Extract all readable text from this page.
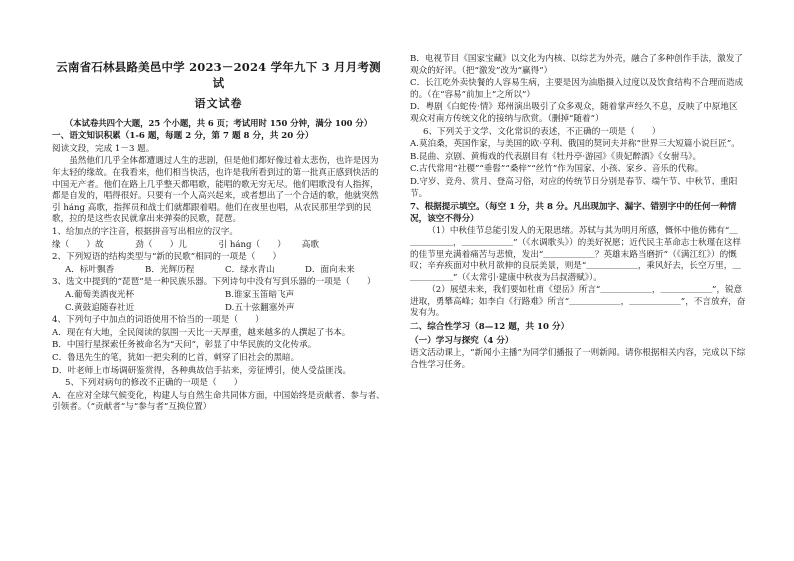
云南省石林县路美邑中学 2023－2024 学年九下 3 月月考测试
语文试卷
（本试卷共四个大题，25 个小题，共 6 页；考试用时 150 分钟，满分 100 分）
一、语文知识积累（1-6 题，每题 2 分，第 7 题 8 分，共 20 分）
阅读文段，完成 1－3 题。
虽然他们几乎全体都遭遇过人生的悲剧，但是他们都好像过着太悲伤，也许是因为年太轻的缘故。在我看来，他们相当快活，也许是我所看到过的第一批真正感到快活的中国无产者。他们在路上几乎整天都唱歌，能唱的歌无穷无尽。他们唱歌没有人指挥，都是自发的，唱得很好。只要有一个人高兴起来，或者想出了一个合适的歌，他就突然引 háng 高歌，指挥员和战士们就都跟着唱。他们在夜里也唱，从农民那里学到的民歌，拉的是这些农民就拿出来弹奏的民歌，琵琶。
1、给加点的字注音，根据拼音写出相应的汉字。
缘（　　）故	劲（　　）儿	引 háng（　　）	高歌
2、下列短语的结构类型与“新的民歌”相同的一项是（　　）
A．标叶飘香	B．光辉历程	C．绿水青山	D．面向未来
3、选文中提到的“琵琶”是一种民族乐器。下列诗句中没有写到乐器的一项是（　　）
A.葡萄美酒夜光杯	B.谁家玉笛暗飞声
C.黄鼓追随春社近	D.五十弦翻塞外声
4、下列句子中加点的词语使用不恰当的一项是（　　）
A．现在有大地，全民阅读的氛围一天比一天厚重，越来越多的人撰起了书本。
B．中国行星探索任务被命名为“天问”，彰显了中华民族的文化传承。
C．鲁迅先生的笔，犹如一把尖利的匕首，刺穿了旧社会的黑暗。
D．叶老师上市场调研鉴赏得，各种典故信手拈来，旁征博引，使人受益匪浅。
5、下列对病句的修改不正确的一项是（　　）
A．在应对全球气候变化，构建人与自然生命共同体方面，中国始终是贡献者、参与者、引领者。（“贡献者”与“参与者”互换位置）
B．电视节目《国家宝藏》以文化为内核、以综艺为外壳，融合了多种创作手法，激发了观众的好评。（把“激发”改为“赢得”）
C．长江吃外卖快餐的人容易生病，主要是因为油脂摄入过度以及饮食结构不合理而造成的。（在“容易”前加上“之所以”）
D．粤剧《白蛇传·情》郑州演出吸引了众多观众，随着掌声经久不息，反映了中原地区观众对南方传统文化的接纳与欣赏。（删掉“随着”）
6、下列关于文学、文化常识的表述，不正确的一项是（　　）
A.莫泊桑，英国作家，与美国的欧·亨利、俄国的契诃夫并称“世界三大短篇小说巨匠”。
B.昆曲、京剧、黄梅戏的代表剧目有《牡丹亭·游园》《贵妃醉酒》《女驸马》。
C.古代常用“社稷”“垂髫”“桑梓”“丝竹”作为国家、小孩、家乡、音乐的代称。
D.守岁、竞舟、赏月、登高习俗，对应的传统节日分别是春节、端午节、中秋节、重阳节。
7、根据提示填空。（每空 1 分，共 8 分。凡出现加字、漏字、错别字中的任何一种情况，该空不得分）
（1）中秋佳节总能引发人的无限思绪。苏轼与其为明月所感，慨怀中他仿佛有“＿＿＿＿＿＿，＿＿＿＿＿＿”（《水调歌头》）的美好祝愿；近代民主革命志士秋瑾在这样的佳节里充满着痛苦与悲愤，发出“＿＿＿＿＿＿？英雄末路当磨折”（《满江红》）的慨叹；辛弃疾面对中秋月欲伸的良辰美景，则是“＿＿＿＿＿＿，乘风好去，长空万里，＿＿＿＿＿＿”（《太常引·建康中秋夜为吕叔潜赋》）。
（2）展望未来，我们要如杜甫《望岳》所言“＿＿＿＿＿＿，＿＿＿＿＿＿”，锐意进取，勇攀高峰；如李白《行路难》所言“＿＿＿＿＿＿，＿＿＿＿＿＿”，不言放弃，奋发有为。
二、综合性学习（8—12 题，共 10 分）
（一）学习与探究（4 分）
语文活动课上，“新闻小主播”为同学们播报了一则新闻。请你根据相关内容，完成以下综合性学习任务。
